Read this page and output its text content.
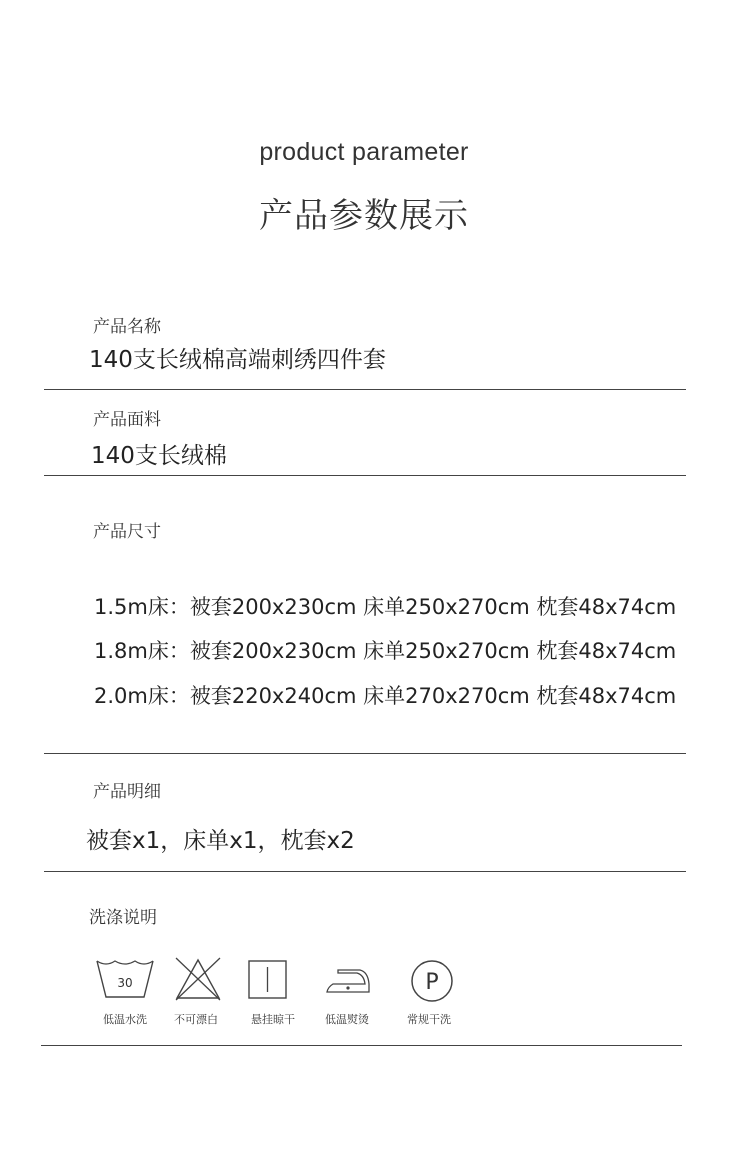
product parameter
产品参数展示
产品名称
140支长绒棉高端刺绣四件套
产品面料
140支长绒棉
产品尺寸
1.5m床：被套200x230cm 床单250x270cm 枕套48x74cm
1.8m床：被套200x230cm 床单250x270cm 枕套48x74cm
2.0m床：被套220x240cm 床单270x270cm 枕套48x74cm
产品明细
被套x1，床单x1，枕套x2
洗涤说明
30	P
低温水洗	不可漂白	悬挂晾干	低温熨烫	常规干洗
